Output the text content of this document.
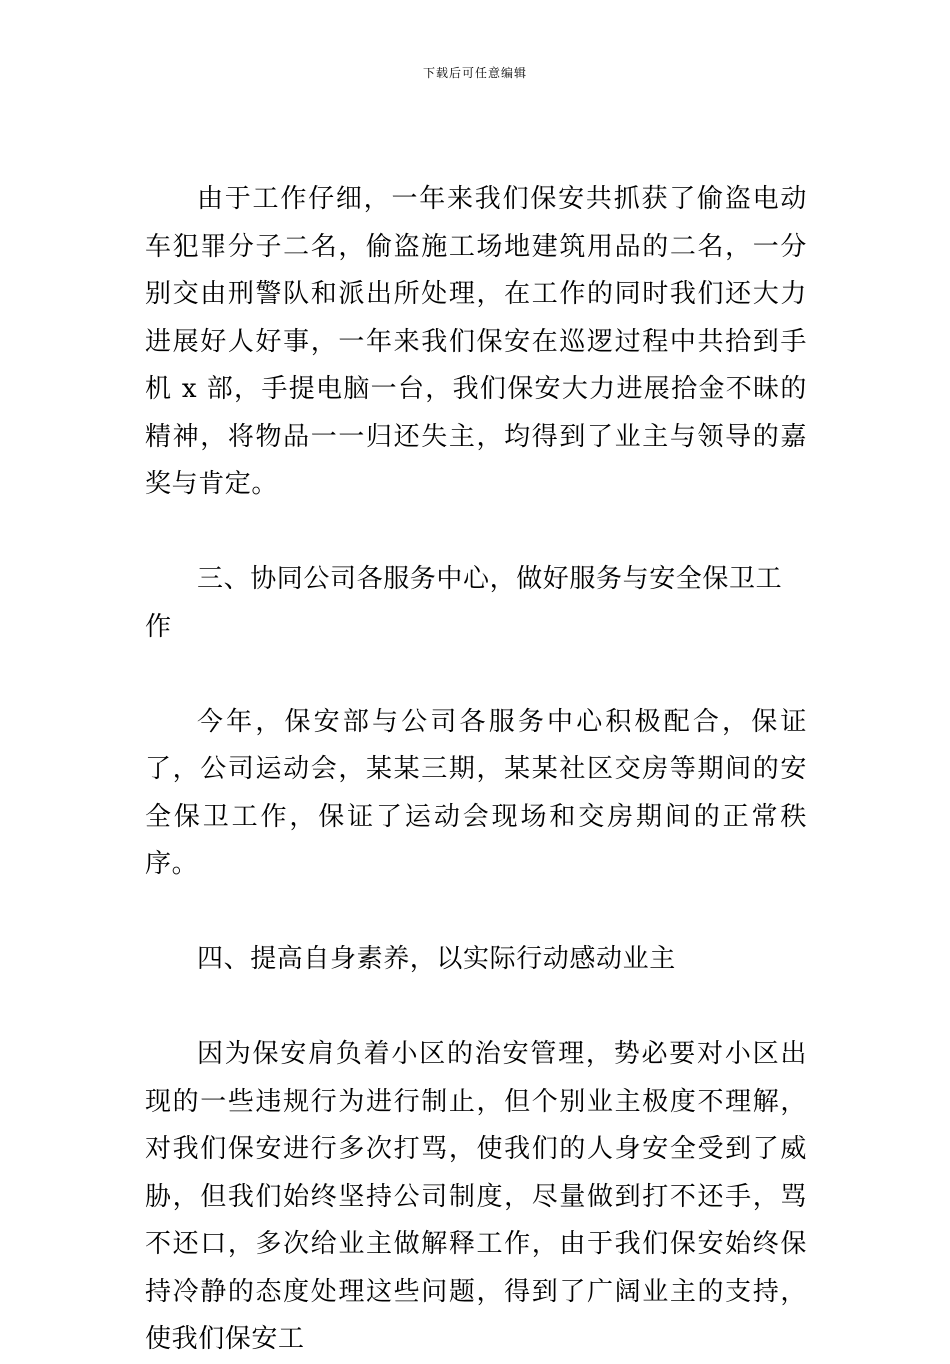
下载后可任意编辑

由于工作仔细，一年来我们保安共抓获了偷盗电动车犯罪分子二名，偷盗施工场地建筑用品的二名，一分别交由刑警队和派出所处理，在工作的同时我们还大力进展好人好事，一年来我们保安在巡逻过程中共拾到手机 x 部，手提电脑一台，我们保安大力进展拾金不昧的精神，将物品一一归还失主，均得到了业主与领导的嘉奖与肯定。

三、协同公司各服务中心，做好服务与安全保卫工作

今年，保安部与公司各服务中心积极配合，保证了，公司运动会，某某三期，某某社区交房等期间的安全保卫工作，保证了运动会现场和交房期间的正常秩序。

四、提高自身素养，以实际行动感动业主

因为保安肩负着小区的治安管理，势必要对小区出现的一些违规行为进行制止，但个别业主极度不理解，对我们保安进行多次打骂，使我们的人身安全受到了威胁，但我们始终坚持公司制度，尽量做到打不还手，骂不还口，多次给业主做解释工作，由于我们保安始终保持冷静的态度处理这些问题，得到了广阔业主的支持，使我们保安工
